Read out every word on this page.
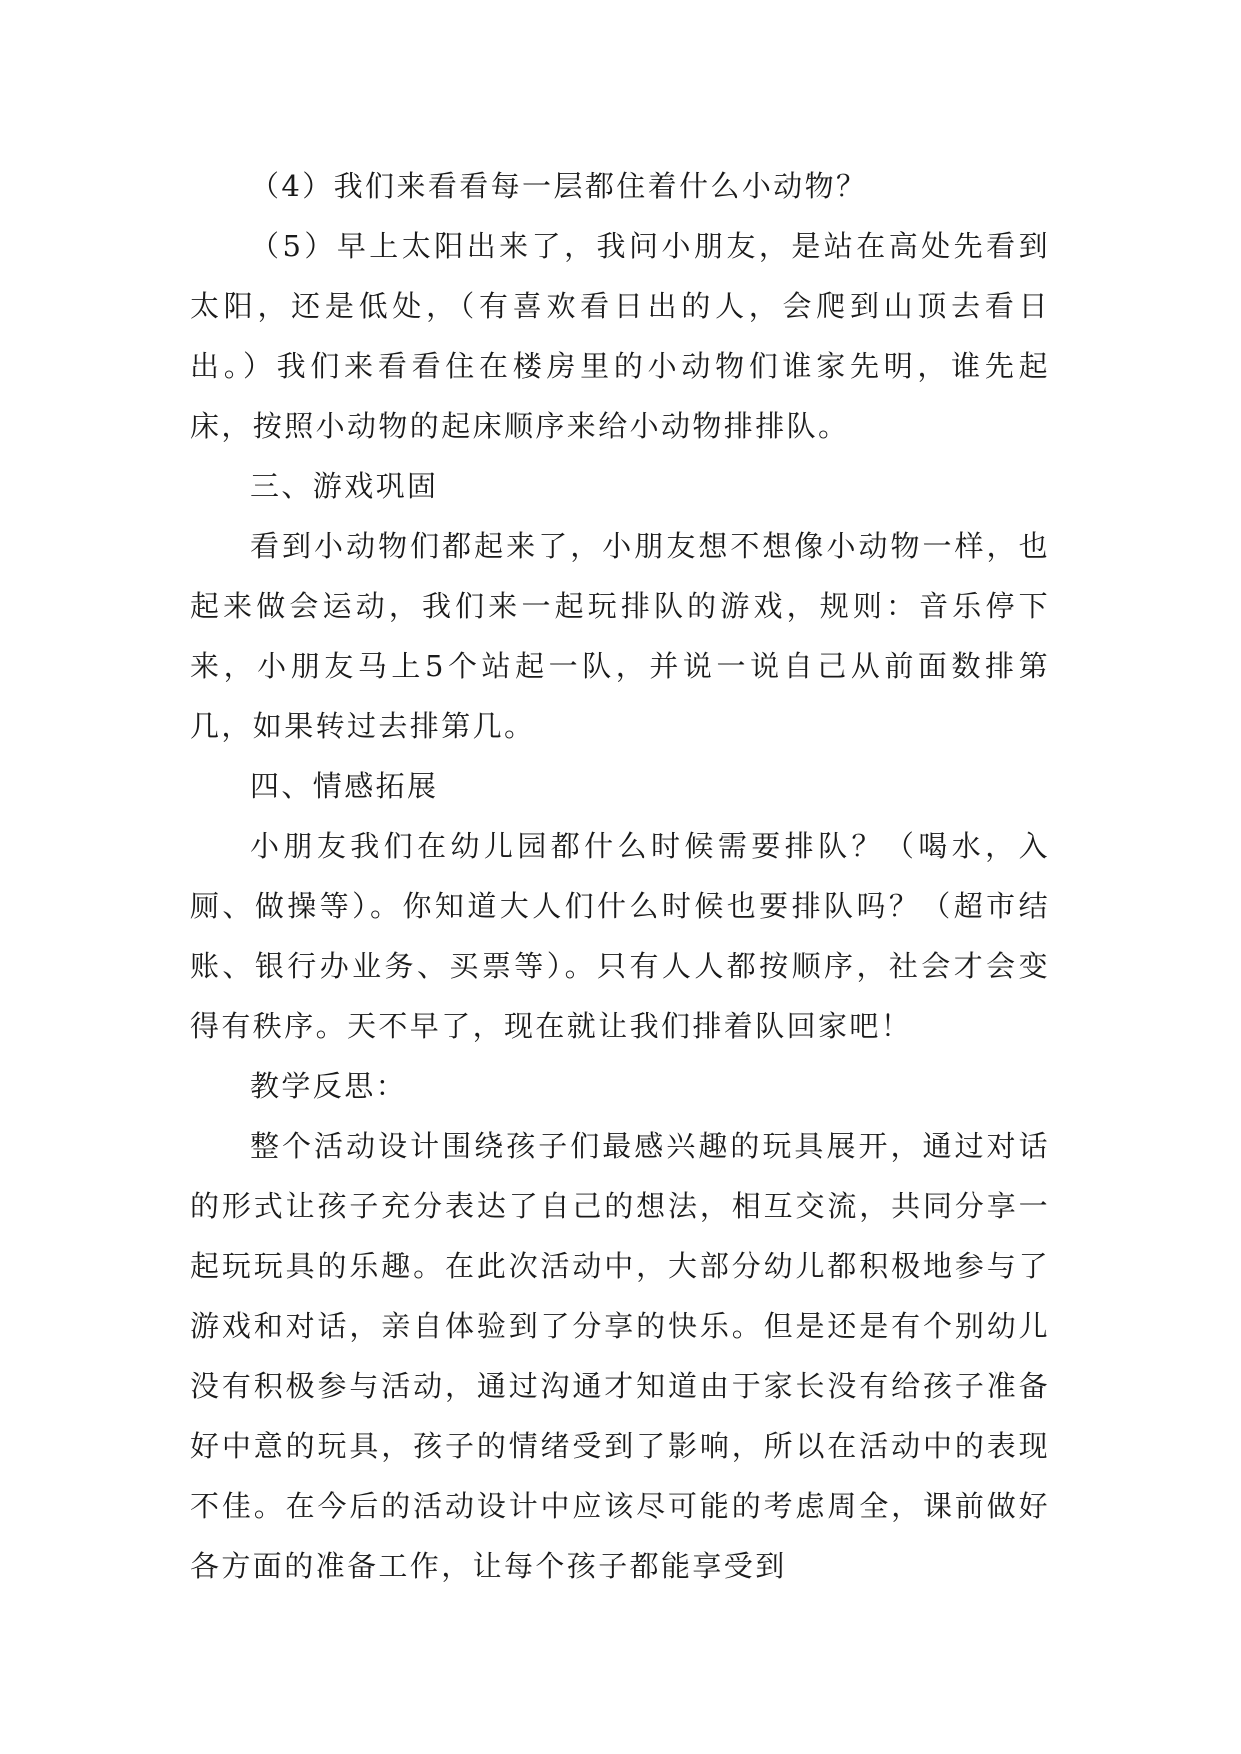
（4）我们来看看每一层都住着什么小动物？

（5）早上太阳出来了，我问小朋友，是站在高处先看到太阳，还是低处，（有喜欢看日出的人，会爬到山顶去看日出。）我们来看看住在楼房里的小动物们谁家先明，谁先起床，按照小动物的起床顺序来给小动物排排队。

三、游戏巩固

看到小动物们都起来了，小朋友想不想像小动物一样，也起来做会运动，我们来一起玩排队的游戏，规则：音乐停下来，小朋友马上5个站起一队，并说一说自己从前面数排第几，如果转过去排第几。

四、情感拓展

小朋友我们在幼儿园都什么时候需要排队？（喝水，入厕、做操等）。你知道大人们什么时候也要排队吗？（超市结账、银行办业务、买票等）。只有人人都按顺序，社会才会变得有秩序。天不早了，现在就让我们排着队回家吧！

教学反思：

整个活动设计围绕孩子们最感兴趣的玩具展开，通过对话的形式让孩子充分表达了自己的想法，相互交流，共同分享一起玩玩具的乐趣。在此次活动中，大部分幼儿都积极地参与了游戏和对话，亲自体验到了分享的快乐。但是还是有个别幼儿没有积极参与活动，通过沟通才知道由于家长没有给孩子准备好中意的玩具，孩子的情绪受到了影响，所以在活动中的表现不佳。在今后的活动设计中应该尽可能的考虑周全，课前做好各方面的准备工作，让每个孩子都能享受到
